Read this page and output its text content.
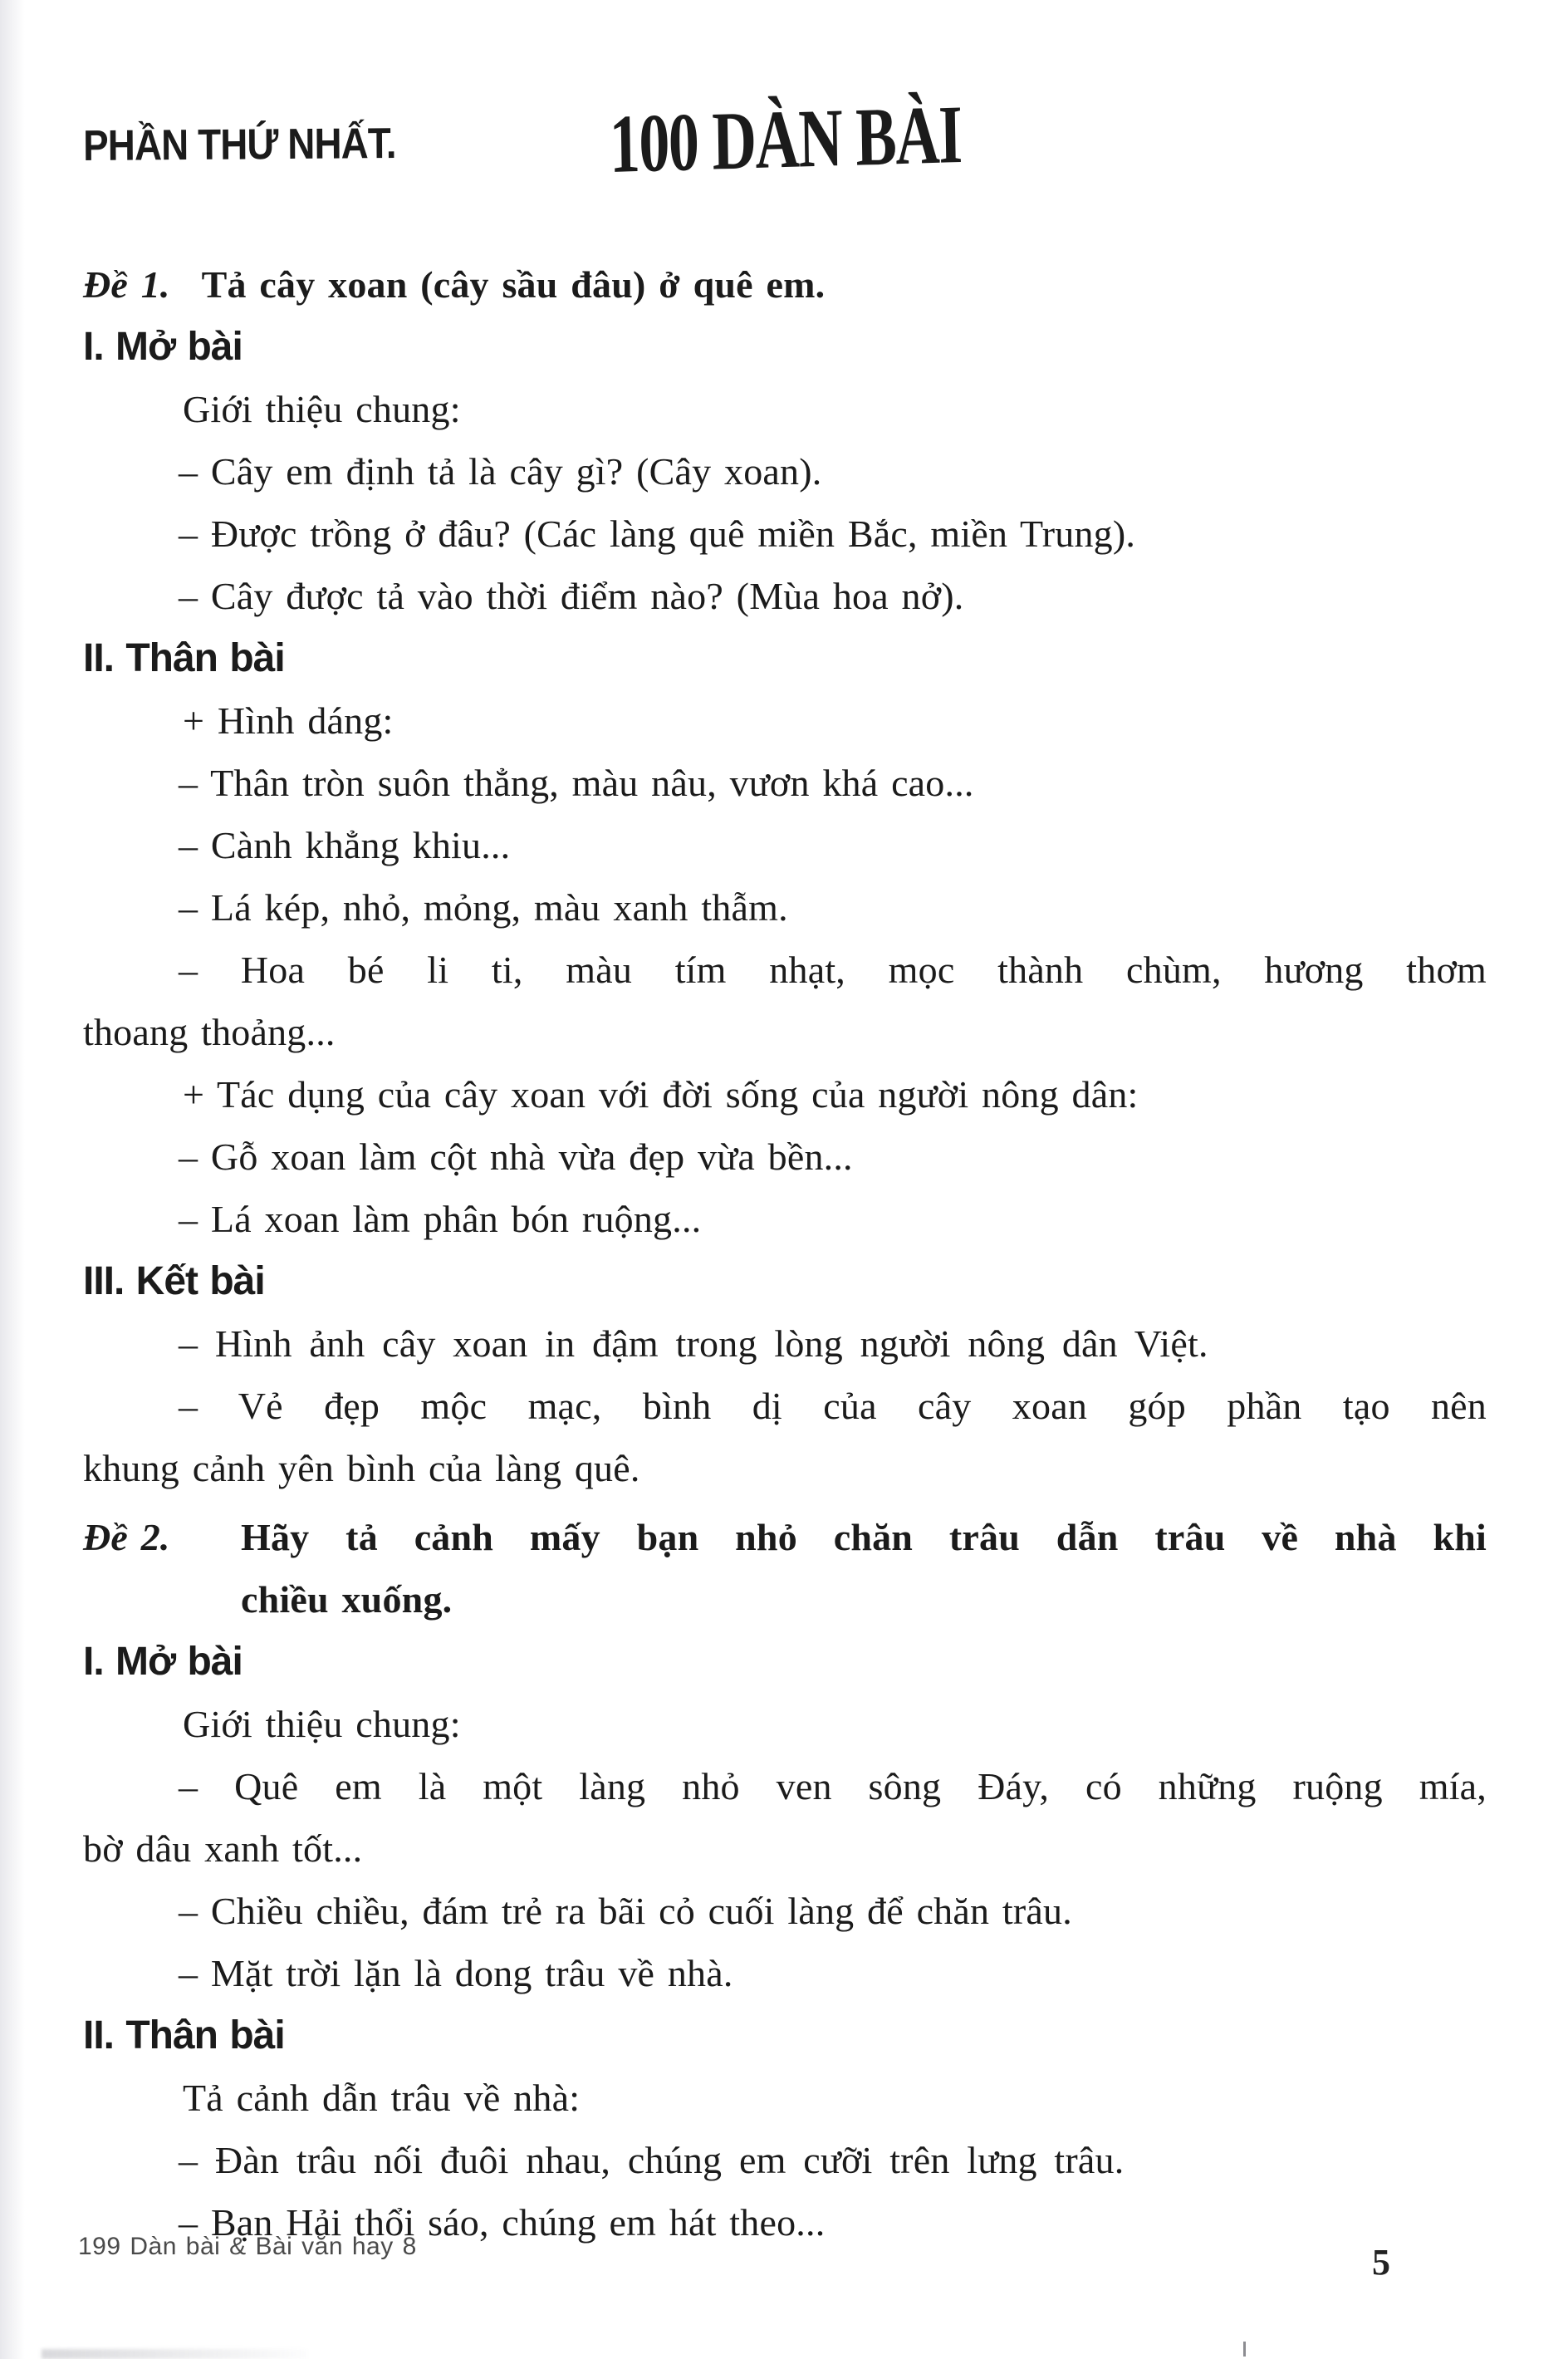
PHẦN THỨ NHẤT.	100 DÀN BÀI
Đề 1. Tả cây xoan (cây sầu đâu) ở quê em.
I. Mở bài
Giới thiệu chung:
– Cây em định tả là cây gì? (Cây xoan).
– Được trồng ở đâu? (Các làng quê miền Bắc, miền Trung).
– Cây được tả vào thời điểm nào? (Mùa hoa nở).
II. Thân bài
+ Hình dáng:
– Thân tròn suôn thẳng, màu nâu, vươn khá cao...
– Cành khẳng khiu...
– Lá kép, nhỏ, mỏng, màu xanh thẫm.
– Hoa bé li ti, màu tím nhạt, mọc thành chùm, hương thơm
thoang thoảng...
+ Tác dụng của cây xoan với đời sống của người nông dân:
– Gỗ xoan làm cột nhà vừa đẹp vừa bền...
– Lá xoan làm phân bón ruộng...
III. Kết bài
– Hình ảnh cây xoan in đậm trong lòng người nông dân Việt.
– Vẻ đẹp mộc mạc, bình dị của cây xoan góp phần tạo nên
khung cảnh yên bình của làng quê.
Đề 2.	Hãy tả cảnh mấy bạn nhỏ chăn trâu dẫn trâu về nhà khi
chiều xuống.
I. Mở bài
Giới thiệu chung:
– Quê em là một làng nhỏ ven sông Đáy, có những ruộng mía,
bờ dâu xanh tốt...
– Chiều chiều, đám trẻ ra bãi cỏ cuối làng để chăn trâu.
– Mặt trời lặn là dong trâu về nhà.
II. Thân bài
Tả cảnh dẫn trâu về nhà:
– Đàn trâu nối đuôi nhau, chúng em cưỡi trên lưng trâu.
– Bạn Hải thổi sáo, chúng em hát theo...
199 Dàn bài & Bài văn hay 8	5
